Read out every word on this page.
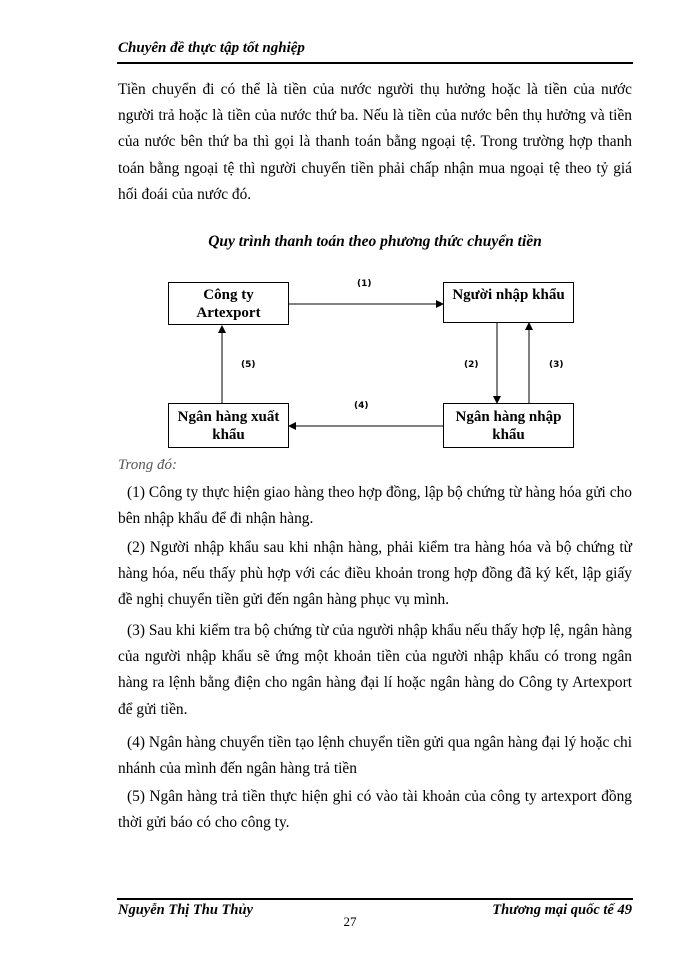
Chuyên đề thực tập tốt nghiệp

Tiền chuyển đi có thể là tiền của nước người thụ hưởng hoặc là tiền của nước người trả hoặc là tiền của nước thứ ba. Nếu là tiền của nước bên thụ hưởng và tiền của nước bên thứ ba thì gọi là thanh toán bằng ngoại tệ. Trong trường hợp thanh toán bằng ngoại tệ thì người chuyển tiền phải chấp nhận mua ngoại tệ theo tỷ giá hối đoái của nước đó.

Quy trình thanh toán theo phương thức chuyển tiền
Công ty Artexport
Người nhập khẩu
Ngân hàng xuất khẩu
Ngân hàng nhập khẩu
(1)
(2)	(3)
(4)
(5)
Trong đó:

(1) Công ty thực hiện giao hàng theo hợp đồng, lập bộ chứng từ hàng hóa gửi cho bên nhập khẩu để đi nhận hàng.

(2) Người nhập khẩu sau khi nhận hàng, phải kiểm tra hàng hóa và bộ chứng từ hàng hóa, nếu thấy phù hợp với các điều khoản trong hợp đồng đã ký kết, lập giấy đề nghị chuyển tiền gửi đến ngân hàng phục vụ mình.

(3) Sau khi kiểm tra bộ chứng từ của người nhập khẩu nếu thấy hợp lệ, ngân hàng của người nhập khẩu sẽ ứng một khoản tiền của người nhập khẩu có trong ngân hàng ra lệnh bằng điện cho ngân hàng đại lí hoặc ngân hàng do Công ty Artexport để gửi tiền.

(4) Ngân hàng chuyển tiền tạo lệnh chuyển tiền gửi qua ngân hàng đại lý hoặc chi nhánh của mình đến ngân hàng trả tiền

(5) Ngân hàng trả tiền thực hiện ghi có vào tài khoản của công ty artexport đồng thời gửi báo có cho công ty.

Nguyễn Thị Thu Thủy	Thương mại quốc tế 49
27
